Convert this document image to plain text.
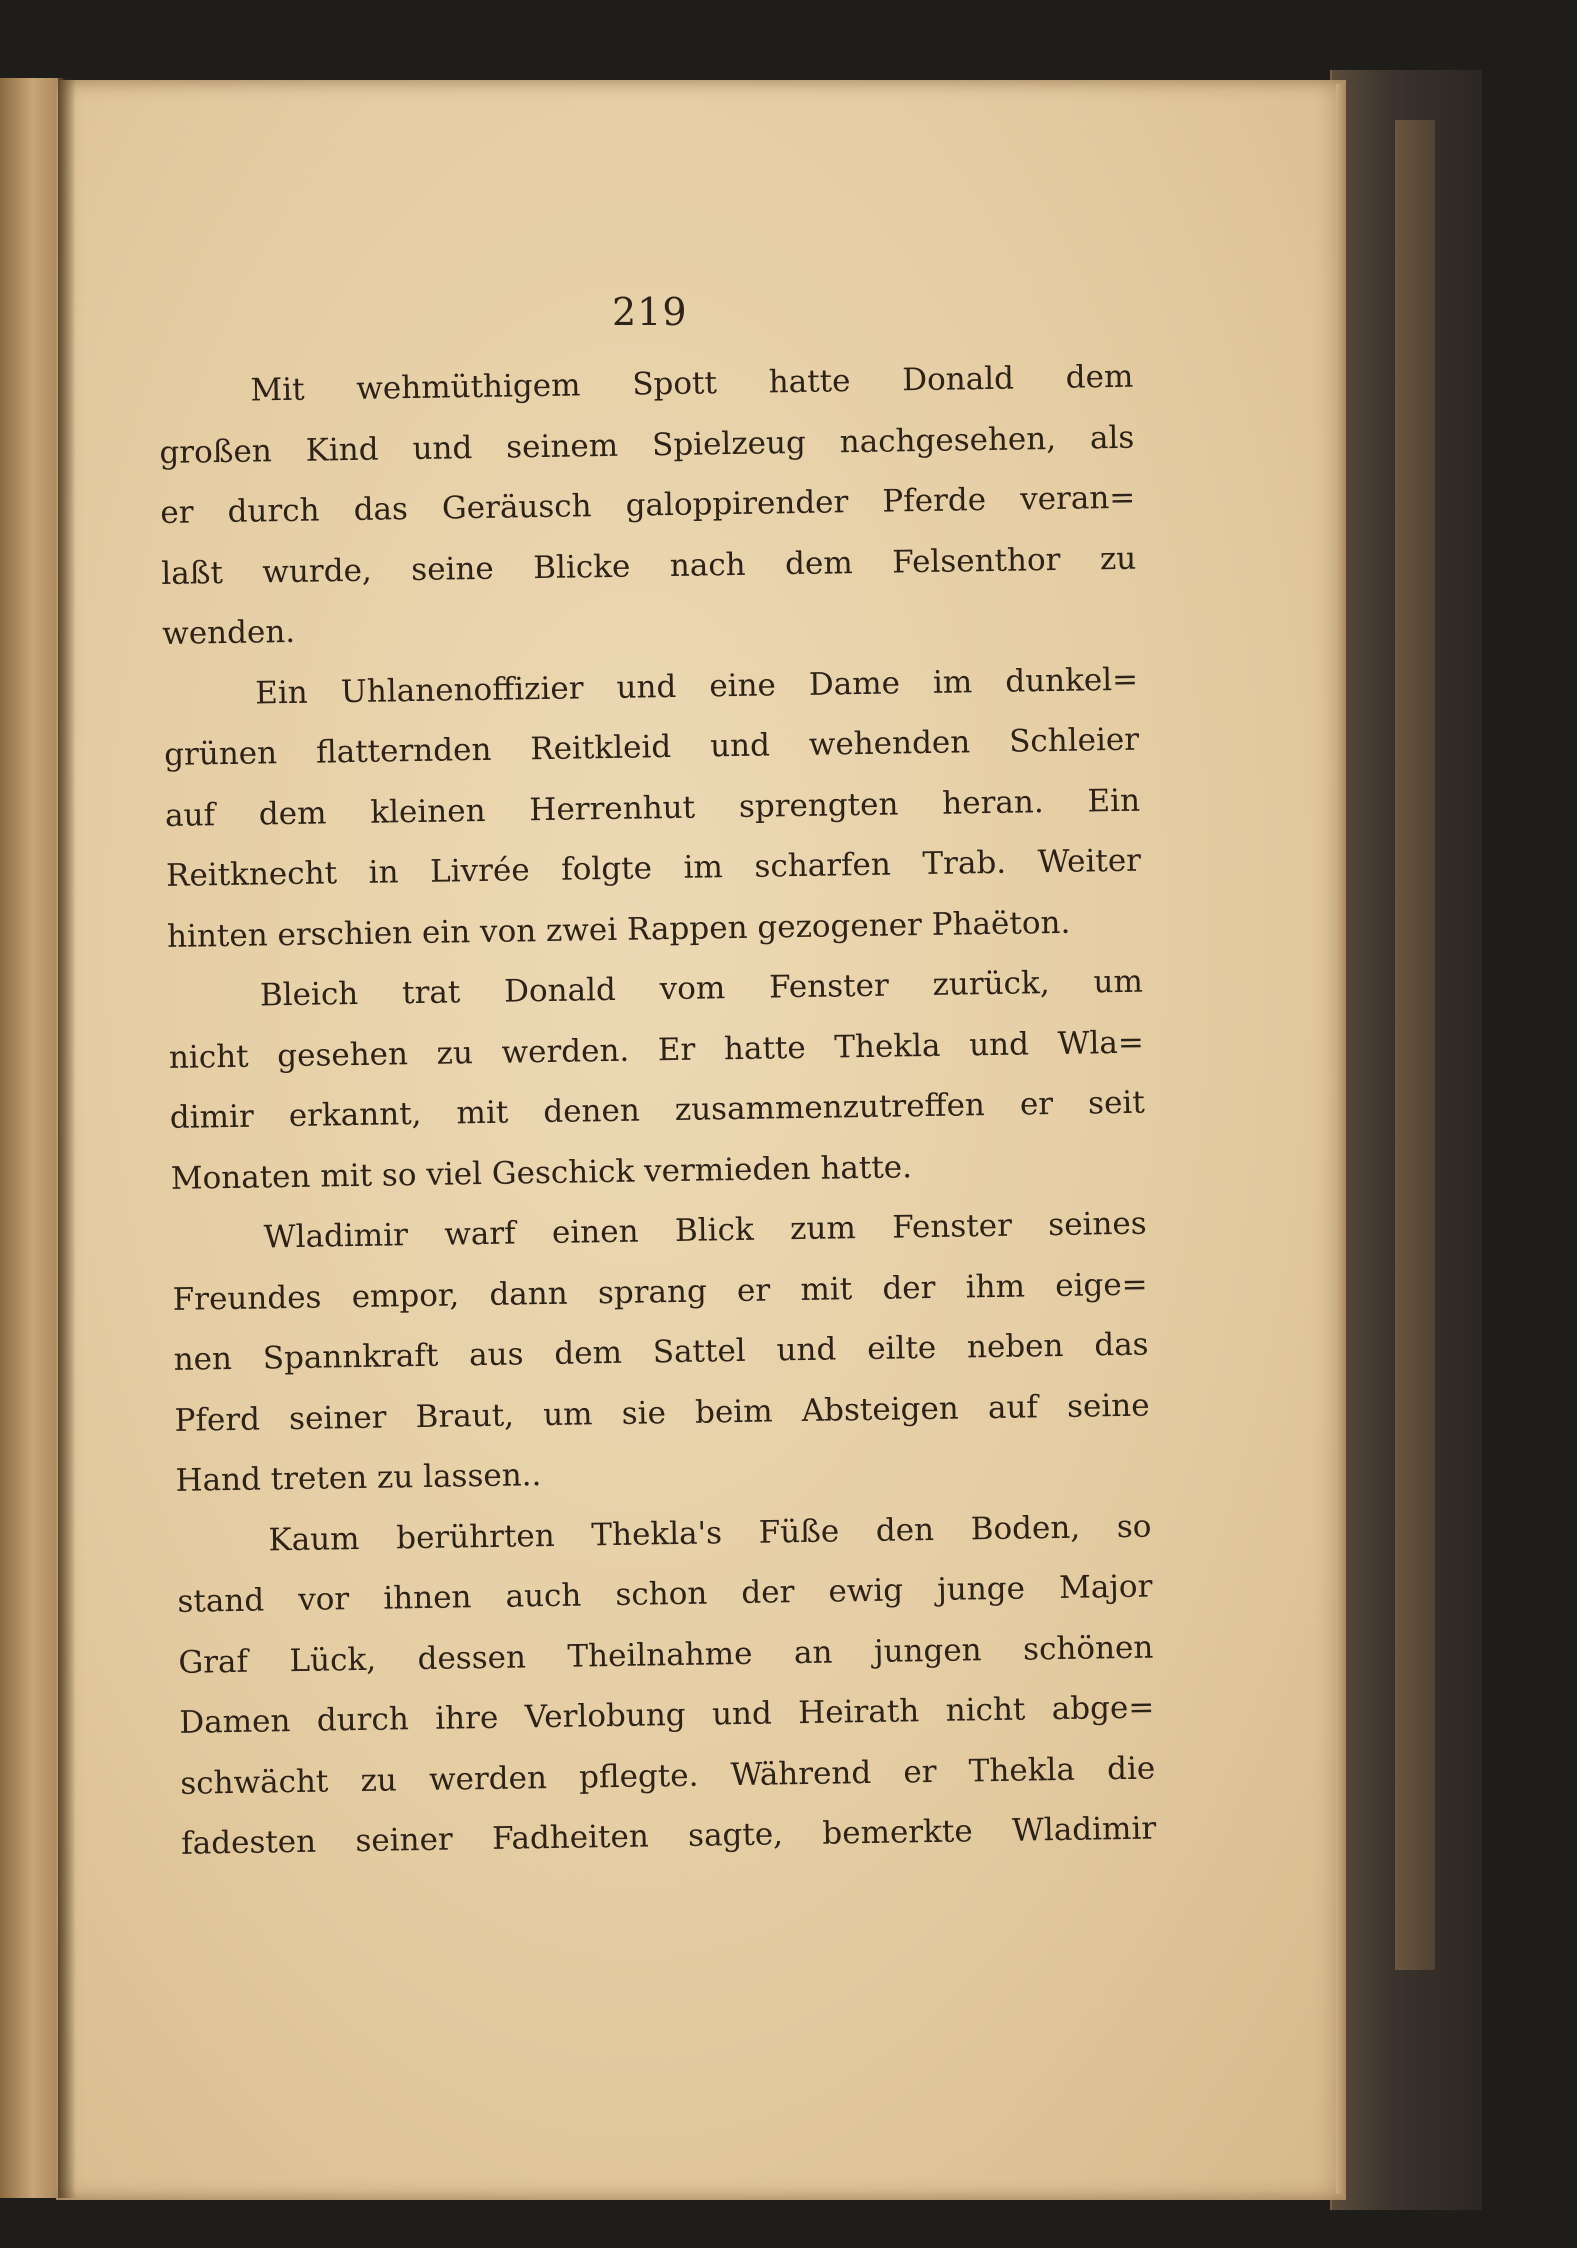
219
Mit wehmüthigem Spott hatte Donald dem
großen Kind und seinem Spielzeug nachgesehen, als
er durch das Geräusch galoppirender Pferde veran=
laßt wurde, seine Blicke nach dem Felsenthor zu
wenden.
Ein Uhlanenoffizier und eine Dame im dunkel=
grünen flatternden Reitkleid und wehenden Schleier
auf dem kleinen Herrenhut sprengten heran. Ein
Reitknecht in Livrée folgte im scharfen Trab. Weiter
hinten erschien ein von zwei Rappen gezogener Phaëton.
Bleich trat Donald vom Fenster zurück, um
nicht gesehen zu werden. Er hatte Thekla und Wla=
dimir erkannt, mit denen zusammenzutreffen er seit
Monaten mit so viel Geschick vermieden hatte.
Wladimir warf einen Blick zum Fenster seines
Freundes empor, dann sprang er mit der ihm eige=
nen Spannkraft aus dem Sattel und eilte neben das
Pferd seiner Braut, um sie beim Absteigen auf seine
Hand treten zu lassen..
Kaum berührten Thekla's Füße den Boden, so
stand vor ihnen auch schon der ewig junge Major
Graf Lück, dessen Theilnahme an jungen schönen
Damen durch ihre Verlobung und Heirath nicht abge=
schwächt zu werden pflegte. Während er Thekla die
fadesten seiner Fadheiten sagte, bemerkte Wladimir
